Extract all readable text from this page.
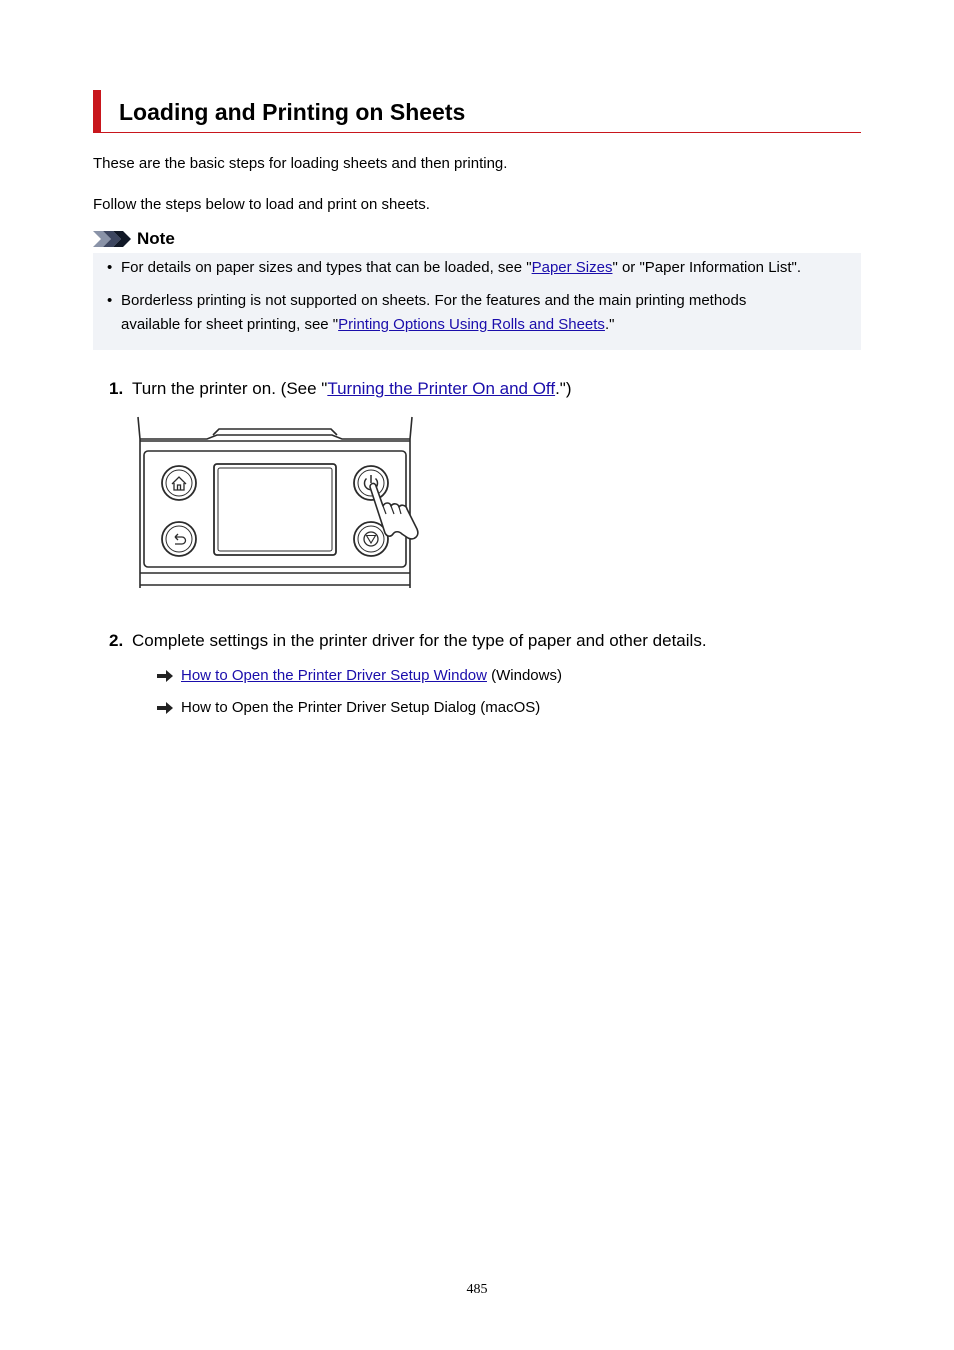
Loading and Printing on Sheets

These are the basic steps for loading sheets and then printing.

Follow the steps below to load and print on sheets.

Note
• For details on paper sizes and types that can be loaded, see "Paper Sizes" or "Paper Information List".
• Borderless printing is not supported on sheets. For the features and the main printing methods
available for sheet printing, see "Printing Options Using Rolls and Sheets."
1. Turn the printer on. (See "Turning the Printer On and Off.")
2. Complete settings in the printer driver for the type of paper and other details.
How to Open the Printer Driver Setup Window (Windows)
How to Open the Printer Driver Setup Dialog (macOS)
485
